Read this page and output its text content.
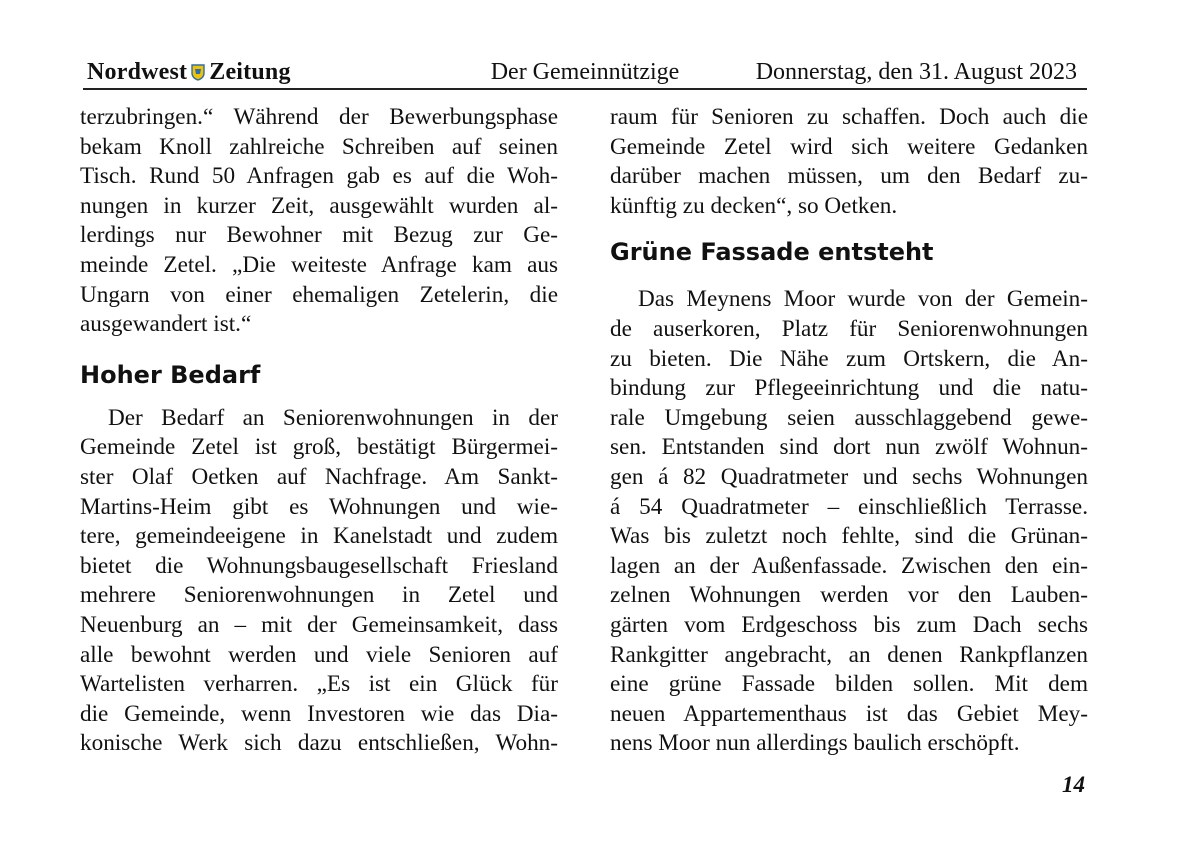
Nordwest Zeitung	Der Gemeinnützige	Donnerstag, den 31. August 2023

terzubringen.“ Während der Bewerbungsphase
bekam Knoll zahlreiche Schreiben auf seinen
Tisch. Rund 50 Anfragen gab es auf die Woh-
nungen in kurzer Zeit, ausgewählt wurden al-
lerdings nur Bewohner mit Bezug zur Ge-
meinde Zetel. „Die weiteste Anfrage kam aus
Ungarn von einer ehemaligen Zetelerin, die
ausgewandert ist.“

Hoher Bedarf

Der Bedarf an Seniorenwohnungen in der
Gemeinde Zetel ist groß, bestätigt Bürgermei-
ster Olaf Oetken auf Nachfrage. Am Sankt-
Martins-Heim gibt es Wohnungen und wie-
tere, gemeindeeigene in Kanelstadt und zudem
bietet die Wohnungsbaugesellschaft Friesland
mehrere Seniorenwohnungen in Zetel und
Neuenburg an – mit der Gemeinsamkeit, dass
alle bewohnt werden und viele Senioren auf
Wartelisten verharren. „Es ist ein Glück für
die Gemeinde, wenn Investoren wie das Dia-
konische Werk sich dazu entschließen, Wohn-

raum für Senioren zu schaffen. Doch auch die
Gemeinde Zetel wird sich weitere Gedanken
darüber machen müssen, um den Bedarf zu-
künftig zu decken“, so Oetken.

Grüne Fassade entsteht

Das Meynens Moor wurde von der Gemein-
de auserkoren, Platz für Seniorenwohnungen
zu bieten. Die Nähe zum Ortskern, die An-
bindung zur Pflegeeinrichtung und die natu-
rale Umgebung seien ausschlaggebend gewe-
sen. Entstanden sind dort nun zwölf Wohnun-
gen á 82 Quadratmeter und sechs Wohnungen
á 54 Quadratmeter – einschließlich Terrasse.
Was bis zuletzt noch fehlte, sind die Grünan-
lagen an der Außenfassade. Zwischen den ein-
zelnen Wohnungen werden vor den Lauben-
gärten vom Erdgeschoss bis zum Dach sechs
Rankgitter angebracht, an denen Rankpflanzen
eine grüne Fassade bilden sollen. Mit dem
neuen Appartementhaus ist das Gebiet Mey-
nens Moor nun allerdings baulich erschöpft.

14
